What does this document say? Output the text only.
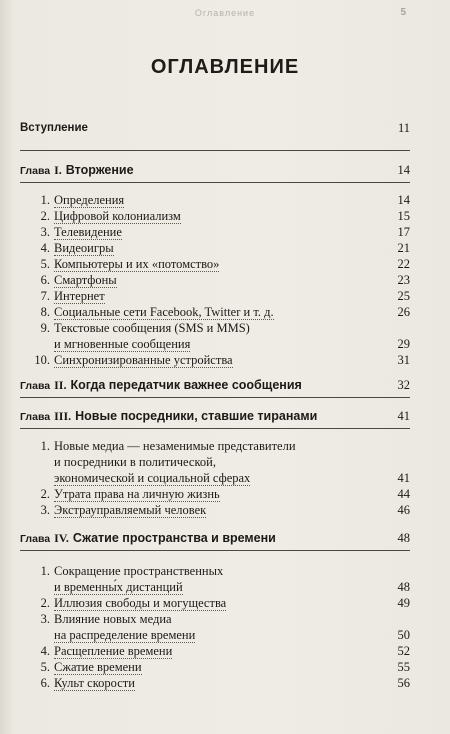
Оглавление	5
ОГЛАВЛЕНИЕ
Вступление	11
Глава I. Вторжение	14
1. Определения	14
2. Цифровой колониализм	15
3. Телевидение	17
4. Видеоигры	21
5. Компьютеры и их «потомство»	22
6. Смартфоны	23
7. Интернет	25
8. Социальные сети Facebook, Twitter и т. д.	26
9. Текстовые сообщения (SMS и MMS)
и мгновенные сообщения	29
10. Синхронизированные устройства	31
Глава II. Когда передатчик важнее сообщения	32
Глава III. Новые посредники, ставшие тиранами	41
1. Новые медиа — незаменимые представители
и посредники в политической,
экономической и социальной сферах	41
2. Утрата права на личную жизнь	44
3. Экстрауправляемый человек	46
Глава IV. Сжатие пространства и времени	48
1. Сокращение пространственных
и временны́х дистанций	48
2. Иллюзия свободы и могущества	49
3. Влияние новых медиа
на распределение времени	50
4. Расщепление времени	52
5. Сжатие времени	55
6. Культ скорости	56
